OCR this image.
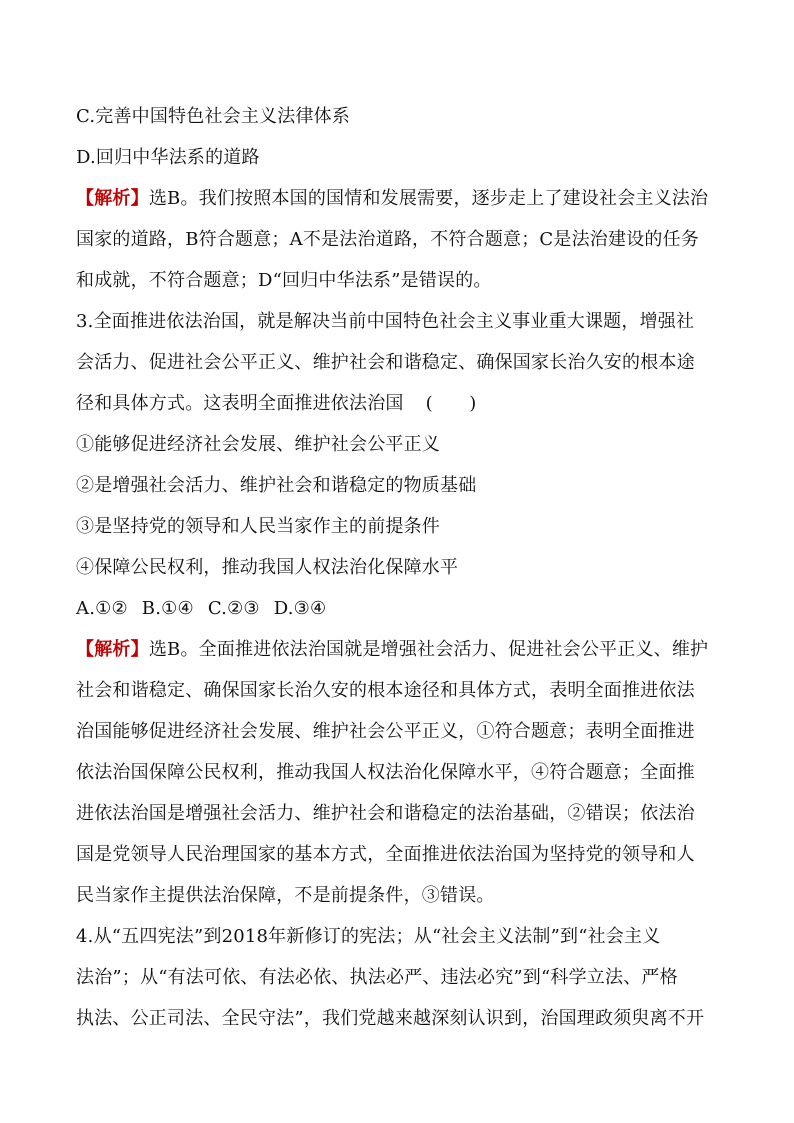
C.完善中国特色社会主义法律体系
D.回归中华法系的道路
【解析】选B。我们按照本国的国情和发展需要，逐步走上了建设社会主义法治
国家的道路，B符合题意；A不是法治道路，不符合题意；C是法治建设的任务
和成就，不符合题意；D“回归中华法系”是错误的。
3.全面推进依法治国，就是解决当前中国特色社会主义事业重大课题，增强社
会活力、促进社会公平正义、维护社会和谐稳定、确保国家长治久安的根本途
径和具体方式。这表明全面推进依法治国 (　　)
①能够促进经济社会发展、维护社会公平正义
②是增强社会活力、维护社会和谐稳定的物质基础
③是坚持党的领导和人民当家作主的前提条件
④保障公民权利，推动我国人权法治化保障水平
A.①② B.①④ C.②③ D.③④
【解析】选B。全面推进依法治国就是增强社会活力、促进社会公平正义、维护
社会和谐稳定、确保国家长治久安的根本途径和具体方式，表明全面推进依法
治国能够促进经济社会发展、维护社会公平正义，①符合题意；表明全面推进
依法治国保障公民权利，推动我国人权法治化保障水平，④符合题意；全面推
进依法治国是增强社会活力、维护社会和谐稳定的法治基础，②错误；依法治
国是党领导人民治理国家的基本方式，全面推进依法治国为坚持党的领导和人
民当家作主提供法治保障，不是前提条件，③错误。
4.从“五四宪法”到2018年新修订的宪法；从“社会主义法制”到“社会主义
法治”；从“有法可依、有法必依、执法必严、违法必究”到“科学立法、严格
执法、公正司法、全民守法”，我们党越来越深刻认识到，治国理政须臾离不开
